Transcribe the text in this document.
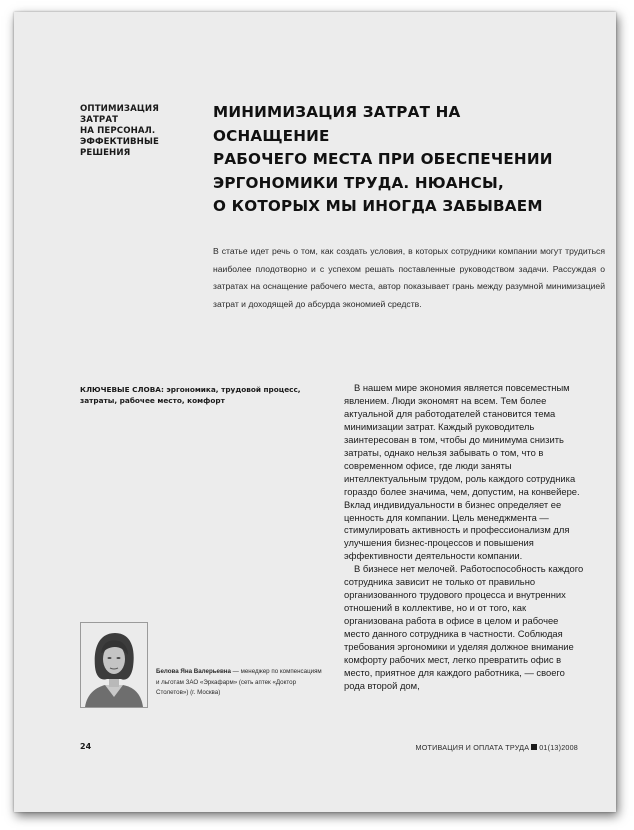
ОПТИМИЗАЦИЯ ЗАТРАТ
НА ПЕРСОНАЛ.
ЭФФЕКТИВНЫЕ
РЕШЕНИЯ
МИНИМИЗАЦИЯ ЗАТРАТ НА ОСНАЩЕНИЕ
РАБОЧЕГО МЕСТА ПРИ ОБЕСПЕЧЕНИИ
ЭРГОНОМИКИ ТРУДА. НЮАНСЫ,
О КОТОРЫХ МЫ ИНОГДА ЗАБЫВАЕМ
В статье идет речь о том, как создать условия, в которых сотрудники компании могут трудиться наиболее плодотворно и с успехом решать поставленные руководством задачи. Рассуждая о затратах на оснащение рабочего места, автор показывает грань между разумной минимизацией затрат и доходящей до абсурда экономией средств.
КЛЮЧЕВЫЕ СЛОВА: эргономика, трудовой процесс, затраты, рабочее место, комфорт

В нашем мире экономия является повсеместным явлением. Люди экономят на всем. Тем более актуальной для работодателей становится тема минимизации затрат. Каждый руководитель заинтересован в том, чтобы до минимума снизить затраты, однако нельзя забывать о том, что в современном офисе, где люди заняты интеллектуальным трудом, роль каждого сотрудника гораздо более значима, чем, допустим, на конвейере. Вклад индивидуальности в бизнес определяет ее ценность для компании. Цель менеджмента — стимулировать активность и профессионализм для улучшения бизнес-процессов и повышения эффективности деятельности компании.

В бизнесе нет мелочей. Работоспособность каждого сотрудника зависит не только от правильно организованного трудового процесса и внутренних отношений в коллективе, но и от того, как организована работа в офисе в целом и рабочее место данного сотрудника в частности. Соблюдая требования эргономики и уделяя должное внимание комфорту рабочих мест, легко превратить офис в место, приятное для каждого работника, — своего рода второй дом,

Белова Яна Валерьевна — менеджер по компенсациям и льготам ЗАО «Эркафарм» (сеть аптек «Доктор Столетов») (г. Москва)
24	МОТИВАЦИЯ И ОПЛАТА ТРУДА 01(13)2008
